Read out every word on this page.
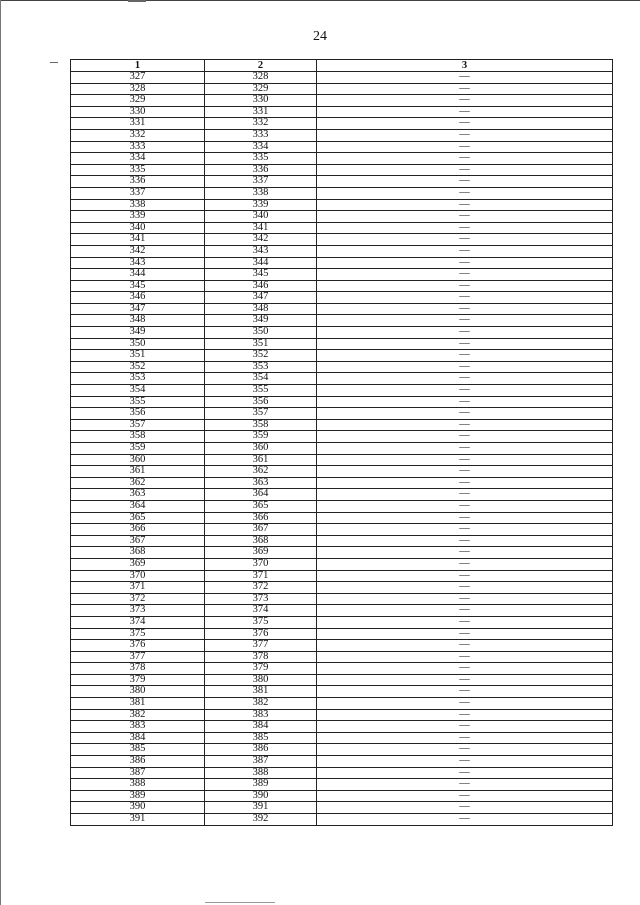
24
1	2	3
327	328	—
328	329	—
329	330	—
330	331	—
331	332	—
332	333	—
333	334	—
334	335	—
335	336	—
336	337	—
337	338	—
338	339	—
339	340	—
340	341	—
341	342	—
342	343	—
343	344	—
344	345	—
345	346	—
346	347	—
347	348	—
348	349	—
349	350	—
350	351	—
351	352	—
352	353	—
353	354	—
354	355	—
355	356	—
356	357	—
357	358	—
358	359	—
359	360	—
360	361	—
361	362	—
362	363	—
363	364	—
364	365	—
365	366	—
366	367	—
367	368	—
368	369	—
369	370	—
370	371	—
371	372	—
372	373	—
373	374	—
374	375	—
375	376	—
376	377	—
377	378	—
378	379	—
379	380	—
380	381	—
381	382	—
382	383	—
383	384	—
384	385	—
385	386	—
386	387	—
387	388	—
388	389	—
389	390	—
390	391	—
391	392	—
